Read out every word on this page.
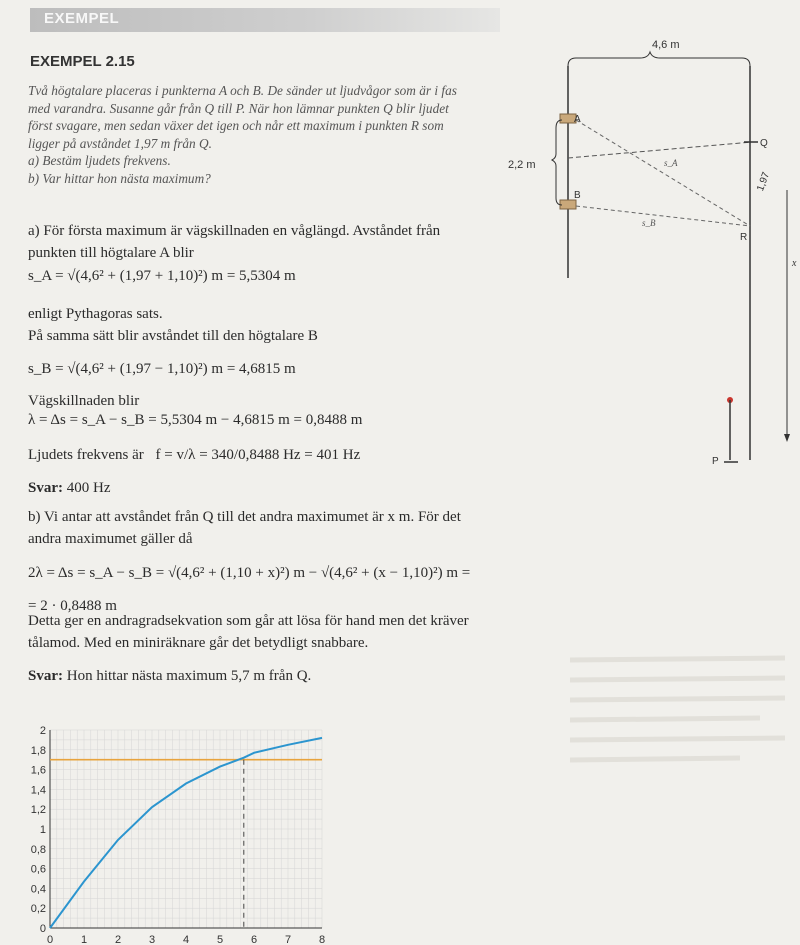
EXEMPEL
EXEMPEL 2.15

Två högtalare placeras i punkterna A och B. De sänder ut ljudvågor som är i fas

med varandra. Susanne går från Q till P. När hon lämnar punkten Q blir ljudet

först svagare, men sedan växer det igen och når ett maximum i punkten R som

ligger på avståndet 1,97 m från Q.

a) Bestäm ljudets frekvens.

b) Var hittar hon nästa maximum?

a) För första maximum är vägskillnaden en våglängd. Avståndet från
punkten till högtalare A blir
s_A = √(4,6² + (1,97 + 1,10)²) m = 5,5304 m
enligt Pythagoras sats.
På samma sätt blir avståndet till den högtalare B
s_B = √(4,6² + (1,97 − 1,10)²) m = 4,6815 m
Vägskillnaden blir
λ = Δs = s_A − s_B = 5,5304 m − 4,6815 m = 0,8488 m
Ljudets frekvens är f = v/λ = 340/0,8488 Hz = 401 Hz
Svar: 400 Hz
b) Vi antar att avståndet från Q till det andra maximumet är x m. För det
andra maximumet gäller då
2λ = Δs = s_A − s_B = √(4,6² + (1,10 + x)²) m − √(4,6² + (x − 1,10)²) m =
= 2 · 0,8488 m
Detta ger en andragradsekvation som går att lösa för hand men det kräver
tålamod. Med en miniräknare går det betydligt snabbare.
Svar: Hon hittar nästa maximum 5,7 m från Q.
4,6 m
A
B
2,2 m
Q
s_A
s_B
R
1,97
x
P
0
0,2
0,4
0,6
0,8
1
1,2
1,4
1,6
1,8
2
0	1	2	3	4	5	6	7	8
